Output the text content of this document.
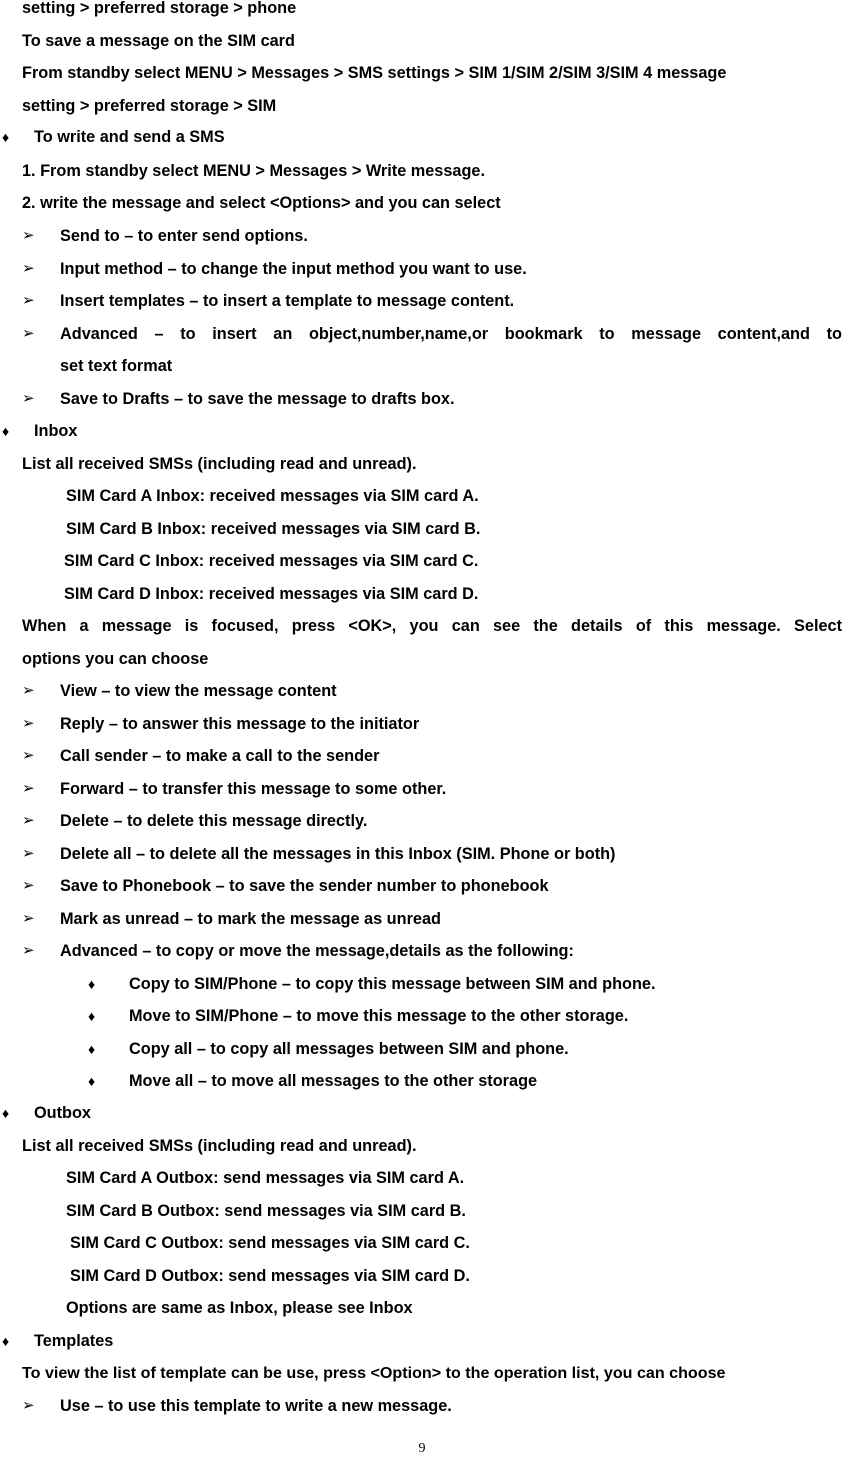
setting > preferred storage > phone
To save a message on the SIM card
From standby select MENU > Messages > SMS settings > SIM 1/SIM 2/SIM 3/SIM 4 message
setting > preferred storage > SIM
♦ To write and send a SMS
1. From standby select MENU > Messages > Write message.
2. write the message and select <Options> and you can select
➢ Send to – to enter send options.
➢ Input method – to change the input method you want to use.
➢ Insert templates – to insert a template to message content.
➢ Advanced – to insert an object,number,name,or bookmark to message content,and to
set text format
➢ Save to Drafts – to save the message to drafts box.
♦ Inbox
List all received SMSs (including read and unread).
SIM Card A Inbox: received messages via SIM card A.
SIM Card B Inbox: received messages via SIM card B.
SIM Card C Inbox: received messages via SIM card C.
SIM Card D Inbox: received messages via SIM card D.
When a message is focused, press <OK>, you can see the details of this message. Select
options you can choose
➢ View – to view the message content
➢ Reply – to answer this message to the initiator
➢ Call sender – to make a call to the sender
➢ Forward – to transfer this message to some other.
➢ Delete – to delete this message directly.
➢ Delete all – to delete all the messages in this Inbox (SIM. Phone or both)
➢ Save to Phonebook – to save the sender number to phonebook
➢ Mark as unread – to mark the message as unread
➢ Advanced – to copy or move the message,details as the following:
♦ Copy to SIM/Phone – to copy this message between SIM and phone.
♦ Move to SIM/Phone – to move this message to the other storage.
♦ Copy all – to copy all messages between SIM and phone.
♦ Move all – to move all messages to the other storage
♦ Outbox
List all received SMSs (including read and unread).
SIM Card A Outbox: send messages via SIM card A.
SIM Card B Outbox: send messages via SIM card B.
SIM Card C Outbox: send messages via SIM card C.
SIM Card D Outbox: send messages via SIM card D.
Options are same as Inbox, please see Inbox
♦ Templates
To view the list of template can be use, press <Option> to the operation list, you can choose
➢ Use – to use this template to write a new message.
9
